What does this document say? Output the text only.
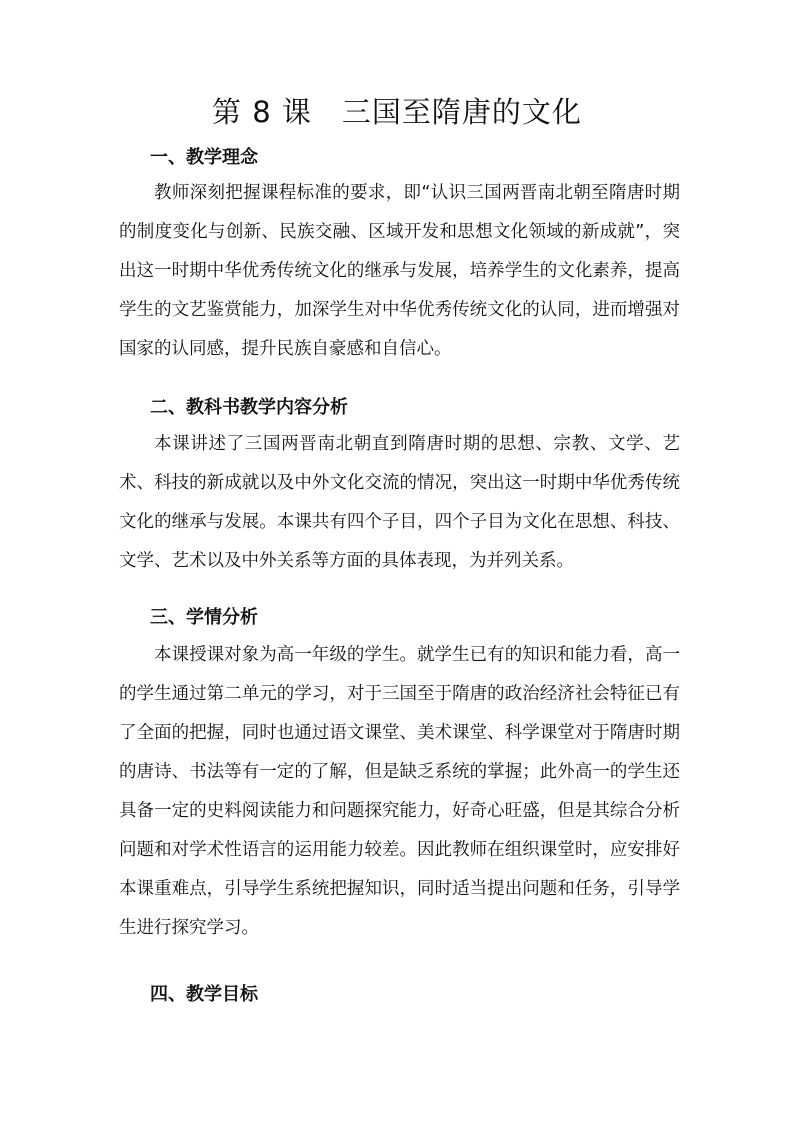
第 8 课　三国至隋唐的文化
一、教学理念

教师深刻把握课程标准的要求，即“认识三国两晋南北朝至隋唐时期的制度变化与创新、民族交融、区域开发和思想文化领域的新成就”，突出这一时期中华优秀传统文化的继承与发展，培养学生的文化素养，提高学生的文艺鉴赏能力，加深学生对中华优秀传统文化的认同，进而增强对国家的认同感，提升民族自豪感和自信心。

二、教科书教学内容分析

本课讲述了三国两晋南北朝直到隋唐时期的思想、宗教、文学、艺术、科技的新成就以及中外文化交流的情况，突出这一时期中华优秀传统文化的继承与发展。本课共有四个子目，四个子目为文化在思想、科技、文学、艺术以及中外关系等方面的具体表现，为并列关系。

三、学情分析

本课授课对象为高一年级的学生。就学生已有的知识和能力看，高一的学生通过第二单元的学习，对于三国至于隋唐的政治经济社会特征已有了全面的把握，同时也通过语文课堂、美术课堂、科学课堂对于隋唐时期的唐诗、书法等有一定的了解，但是缺乏系统的掌握；此外高一的学生还具备一定的史料阅读能力和问题探究能力，好奇心旺盛，但是其综合分析问题和对学术性语言的运用能力较差。因此教师在组织课堂时，应安排好本课重难点，引导学生系统把握知识，同时适当提出问题和任务，引导学生进行探究学习。

四、教学目标
